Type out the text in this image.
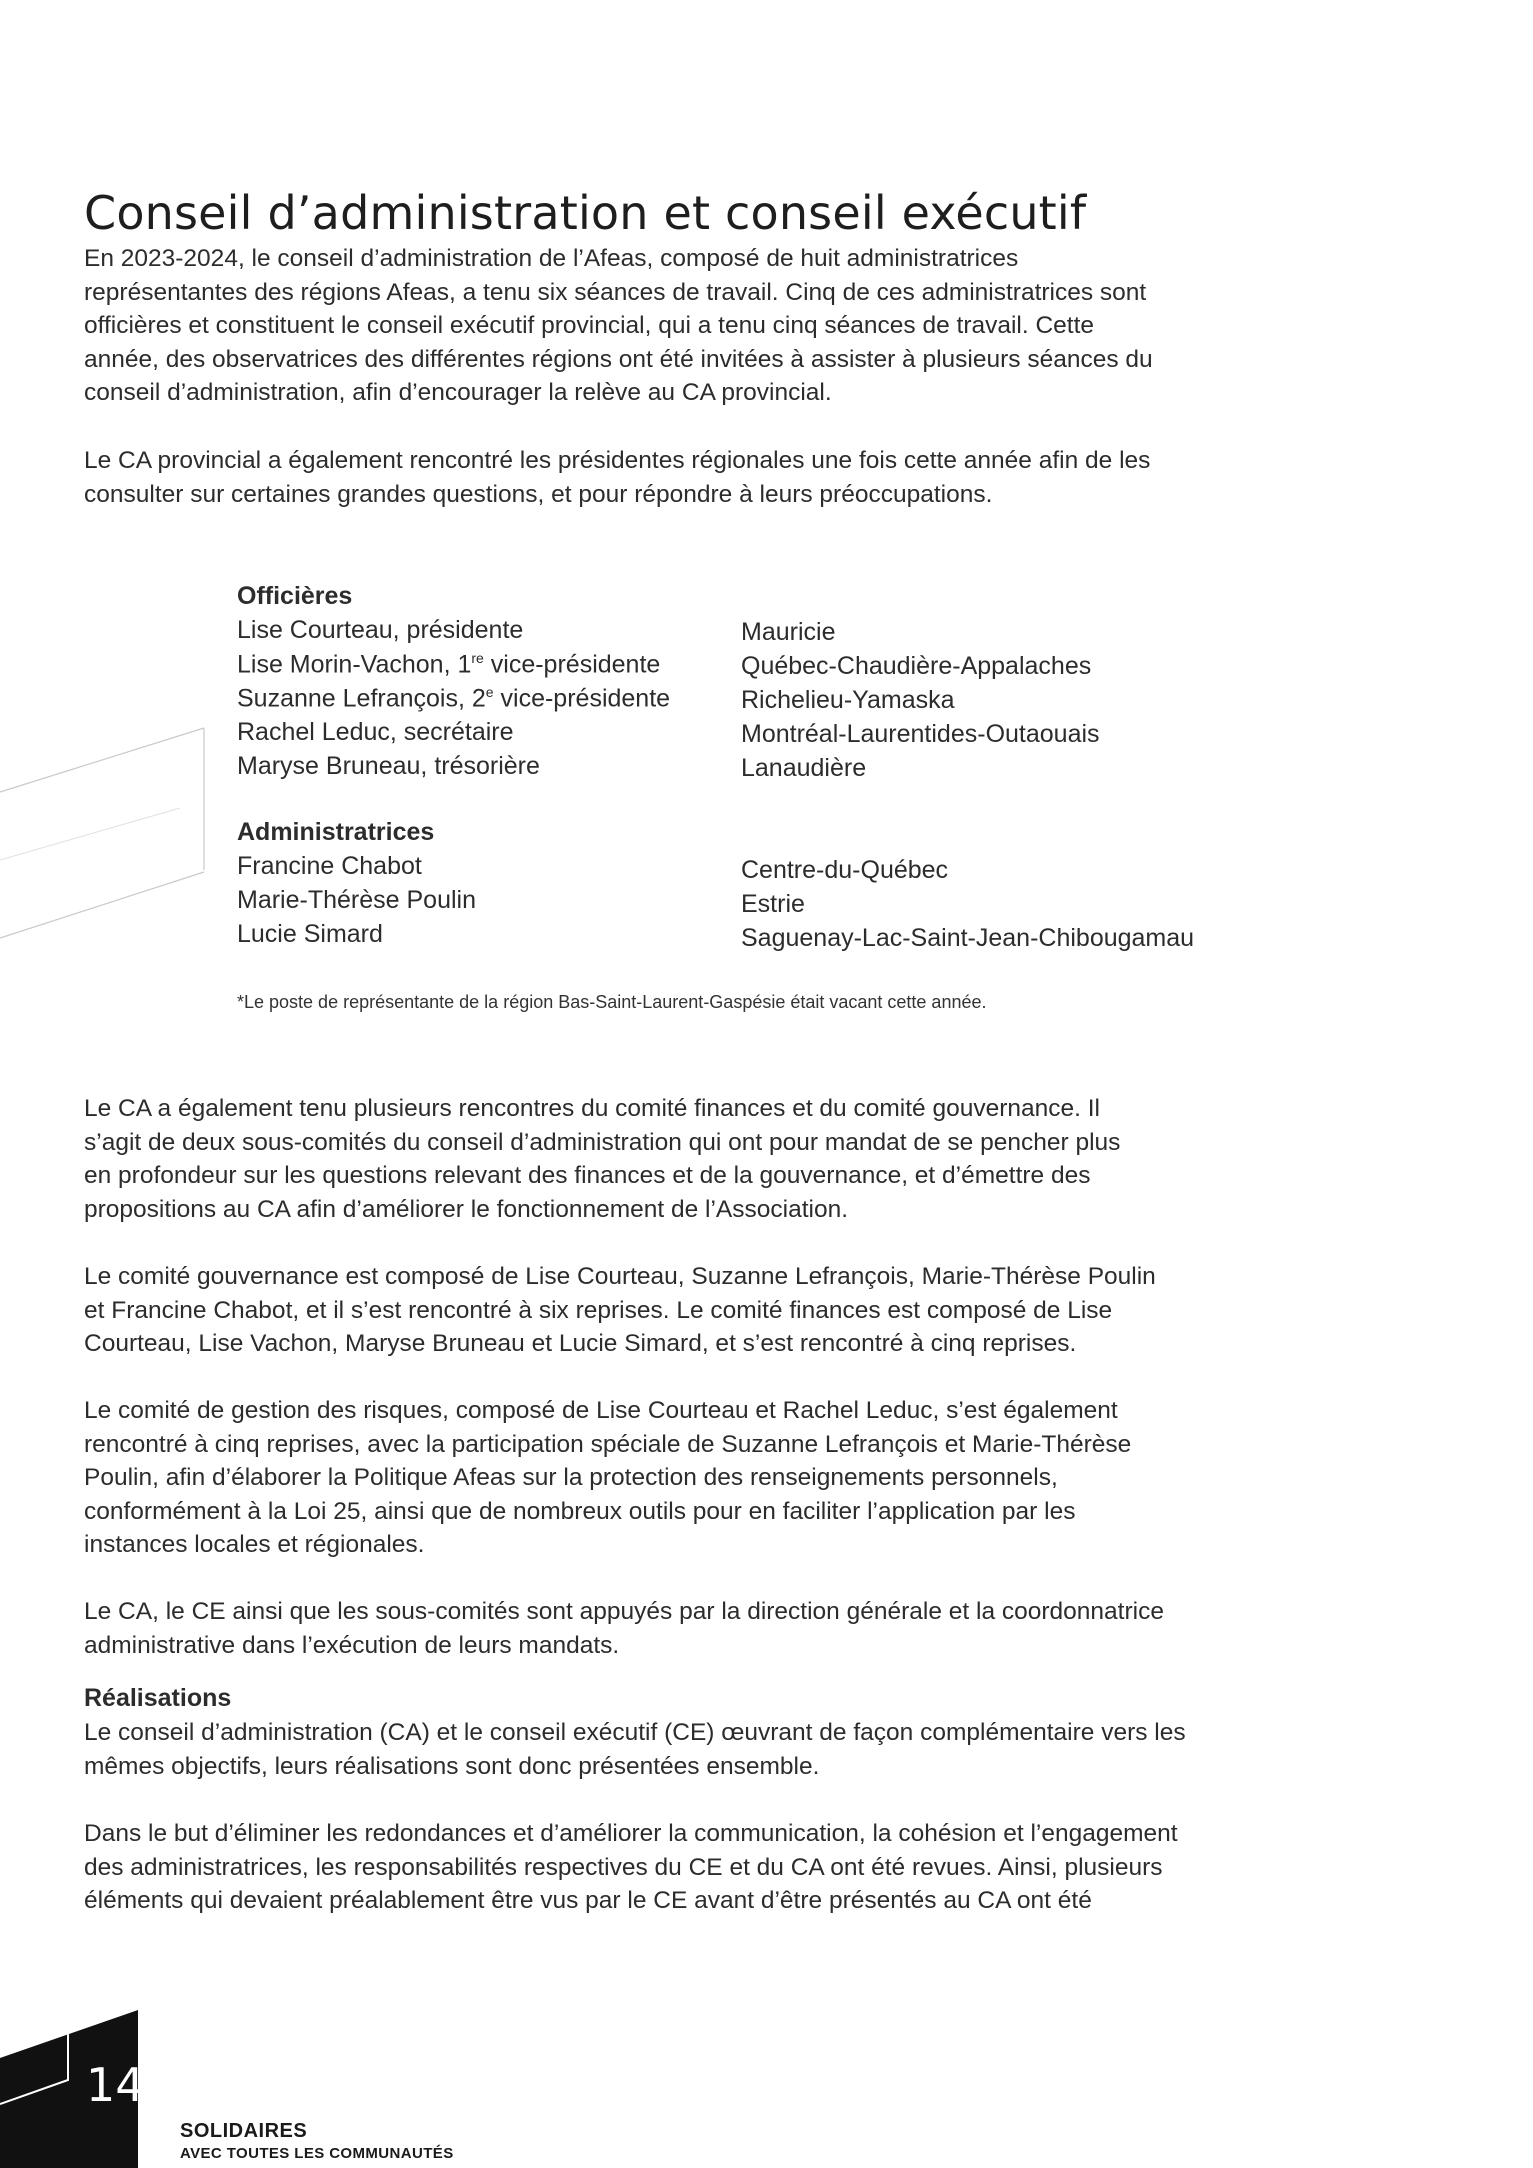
Conseil d’administration et conseil exécutif

En 2023-2024, le conseil d’administration de l’Afeas, composé de huit administratrices
représentantes des régions Afeas, a tenu six séances de travail. Cinq de ces administratrices sont
officières et constituent le conseil exécutif provincial, qui a tenu cinq séances de travail. Cette
année, des observatrices des différentes régions ont été invitées à assister à plusieurs séances du
conseil d’administration, afin d’encourager la relève au CA provincial.

Le CA provincial a également rencontré les présidentes régionales une fois cette année afin de les
consulter sur certaines grandes questions, et pour répondre à leurs préoccupations.

Officières
Lise Courteau, présidente	Mauricie
Lise Morin-Vachon, 1re vice-présidente	Québec-Chaudière-Appalaches
Suzanne Lefrançois, 2e vice-présidente	Richelieu-Yamaska
Rachel Leduc, secrétaire	Montréal-Laurentides-Outaouais
Maryse Bruneau, trésorière	Lanaudière
Administratrices
Francine Chabot	Centre-du-Québec
Marie-Thérèse Poulin	Estrie
Lucie Simard	Saguenay-Lac-Saint-Jean-Chibougamau
*Le poste de représentante de la région Bas-Saint-Laurent-Gaspésie était vacant cette année.

Le CA a également tenu plusieurs rencontres du comité finances et du comité gouvernance. Il
s’agit de deux sous-comités du conseil d’administration qui ont pour mandat de se pencher plus
en profondeur sur les questions relevant des finances et de la gouvernance, et d’émettre des
propositions au CA afin d’améliorer le fonctionnement de l’Association.

Le comité gouvernance est composé de Lise Courteau, Suzanne Lefrançois, Marie-Thérèse Poulin
et Francine Chabot, et il s’est rencontré à six reprises. Le comité finances est composé de Lise
Courteau, Lise Vachon, Maryse Bruneau et Lucie Simard, et s’est rencontré à cinq reprises.

Le comité de gestion des risques, composé de Lise Courteau et Rachel Leduc, s’est également
rencontré à cinq reprises, avec la participation spéciale de Suzanne Lefrançois et Marie-Thérèse
Poulin, afin d’élaborer la Politique Afeas sur la protection des renseignements personnels,
conformément à la Loi 25, ainsi que de nombreux outils pour en faciliter l’application par les
instances locales et régionales.

Le CA, le CE ainsi que les sous-comités sont appuyés par la direction générale et la coordonnatrice
administrative dans l’exécution de leurs mandats.

Réalisations

Le conseil d’administration (CA) et le conseil exécutif (CE) œuvrant de façon complémentaire vers les
mêmes objectifs, leurs réalisations sont donc présentées ensemble.

Dans le but d’éliminer les redondances et d’améliorer la communication, la cohésion et l’engagement
des administratrices, les responsabilités respectives du CE et du CA ont été revues. Ainsi, plusieurs
éléments qui devaient préalablement être vus par le CE avant d’être présentés au CA ont été

14
SOLIDAIRES
AVEC TOUTES LES COMMUNAUTÉS
